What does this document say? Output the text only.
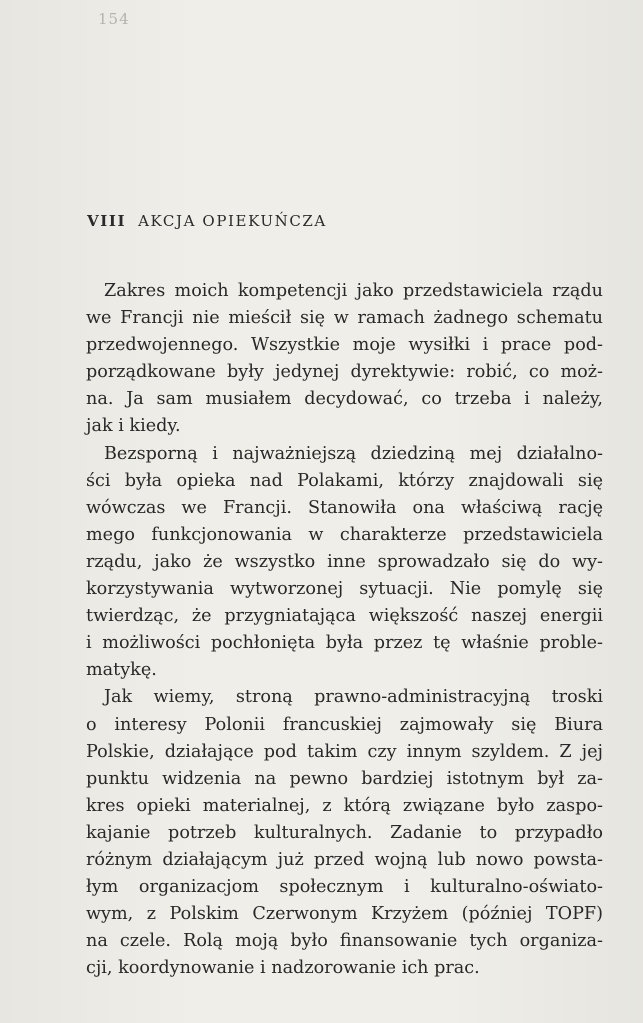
154
VIII AKCJA OPIEKUŃCZA

Zakres moich kompetencji jako przedstawiciela rządu
we Francji nie mieścił się w ramach żadnego schematu
przedwojennego. Wszystkie moje wysiłki i prace pod-
porządkowane były jedynej dyrektywie: robić, co moż-
na. Ja sam musiałem decydować, co trzeba i należy,
jak i kiedy.

Bezsporną i najważniejszą dziedziną mej działalno-
ści była opieka nad Polakami, którzy znajdowali się
wówczas we Francji. Stanowiła ona właściwą rację
mego funkcjonowania w charakterze przedstawiciela
rządu, jako że wszystko inne sprowadzało się do wy-
korzystywania wytworzonej sytuacji. Nie pomylę się
twierdząc, że przygniatająca większość naszej energii
i możliwości pochłonięta była przez tę właśnie proble-
matykę.

Jak wiemy, stroną prawno-administracyjną troski
o interesy Polonii francuskiej zajmowały się Biura
Polskie, działające pod takim czy innym szyldem. Z jej
punktu widzenia na pewno bardziej istotnym był za-
kres opieki materialnej, z którą związane było zaspo-
kajanie potrzeb kulturalnych. Zadanie to przypadło
różnym działającym już przed wojną lub nowo powsta-
łym organizacjom społecznym i kulturalno-oświato-
wym, z Polskim Czerwonym Krzyżem (później TOPF)
na czele. Rolą moją było finansowanie tych organiza-
cji, koordynowanie i nadzorowanie ich prac.
